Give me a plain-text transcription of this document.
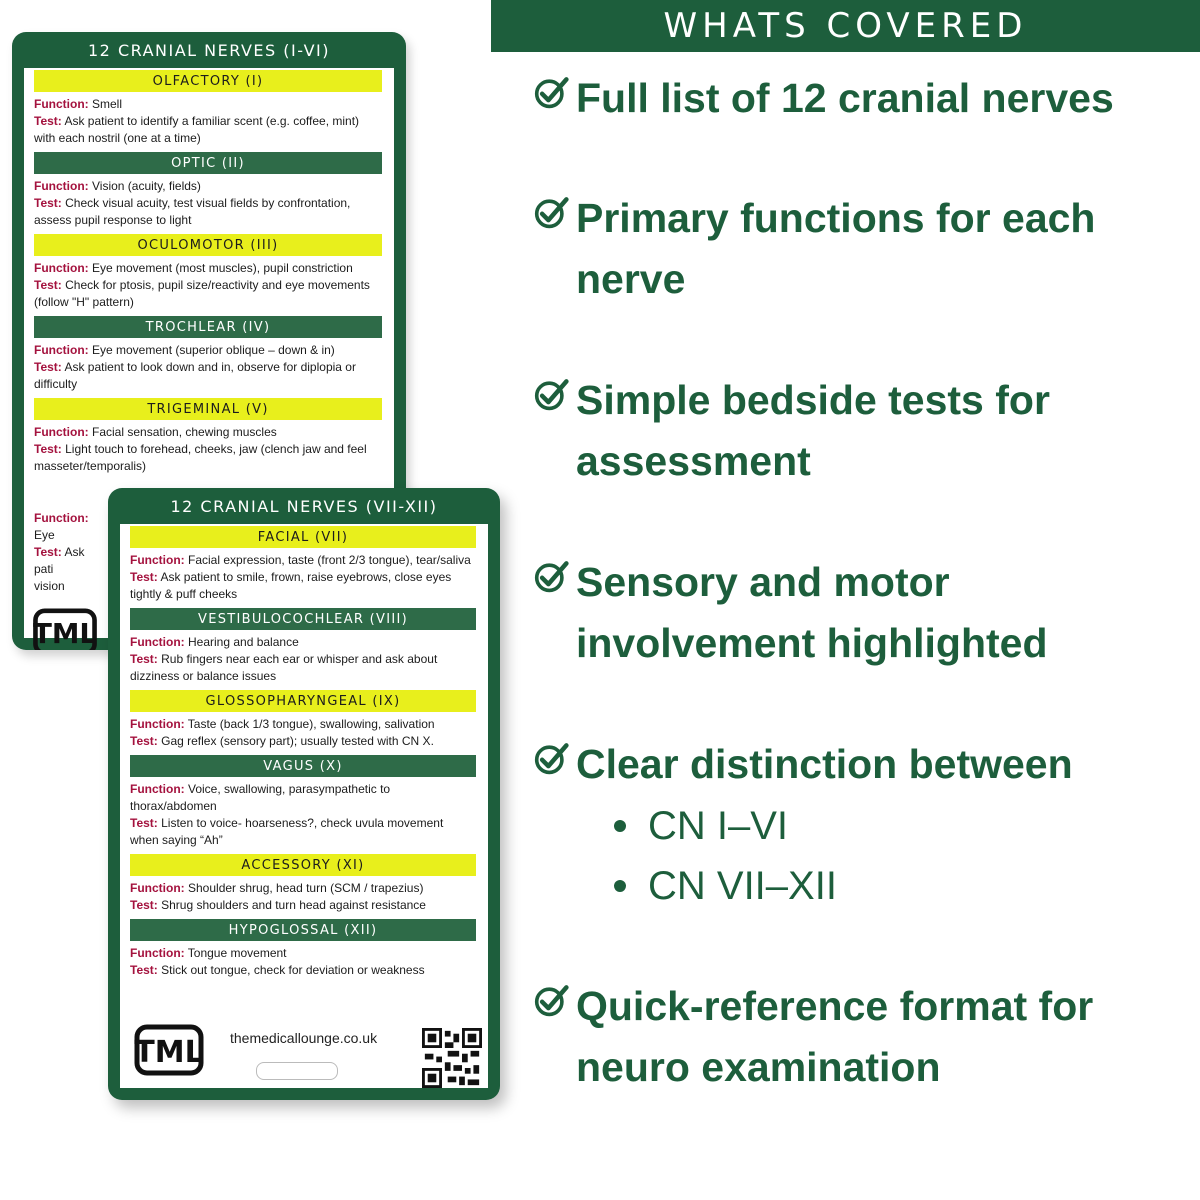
WHATS COVERED
Full list of 12 cranial nerves
Primary functions for each nerve
Simple bedside tests for assessment
Sensory and motor involvement highlighted
Clear distinction between
CN I–VI
CN VII–XII
Quick-reference format for neuro examination
12 CRANIAL NERVES (I-VI)
OLFACTORY (I)
Function: Smell
Test: Ask patient to identify a familiar scent (e.g. coffee, mint) with each nostril (one at a time)
OPTIC (II)
Function: Vision (acuity, fields)
Test: Check visual acuity, test visual fields by confrontation, assess pupil response to light
OCULOMOTOR (III)
Function: Eye movement (most muscles), pupil constriction
Test: Check for ptosis, pupil size/reactivity and eye movements (follow "H" pattern)
TROCHLEAR (IV)
Function: Eye movement (superior oblique – down & in)
Test: Ask patient to look down and in, observe for diplopia or difficulty
TRIGEMINAL (V)
Function: Facial sensation, chewing muscles
Test: Light touch to forehead, cheeks, jaw (clench jaw and feel masseter/temporalis)
Function: Eye
Test: Ask pati
vision
TML
12 CRANIAL NERVES (VII-XII)
FACIAL (VII)
Function: Facial expression, taste (front 2/3 tongue), tear/saliva
Test: Ask patient to smile, frown, raise eyebrows, close eyes tightly & puff cheeks
VESTIBULOCOCHLEAR (VIII)
Function: Hearing and balance
Test: Rub fingers near each ear or whisper and ask about dizziness or balance issues
GLOSSOPHARYNGEAL (IX)
Function: Taste (back 1/3 tongue), swallowing, salivation
Test: Gag reflex (sensory part); usually tested with CN X.
VAGUS (X)
Function: Voice, swallowing, parasympathetic to thorax/abdomen
Test: Listen to voice- hoarseness?, check uvula movement when saying “Ah”
ACCESSORY (XI)
Function: Shoulder shrug, head turn (SCM / trapezius)
Test: Shrug shoulders and turn head against resistance
HYPOGLOSSAL (XII)
Function: Tongue movement
Test: Stick out tongue, check for deviation or weakness
TML themedicallounge.co.uk
